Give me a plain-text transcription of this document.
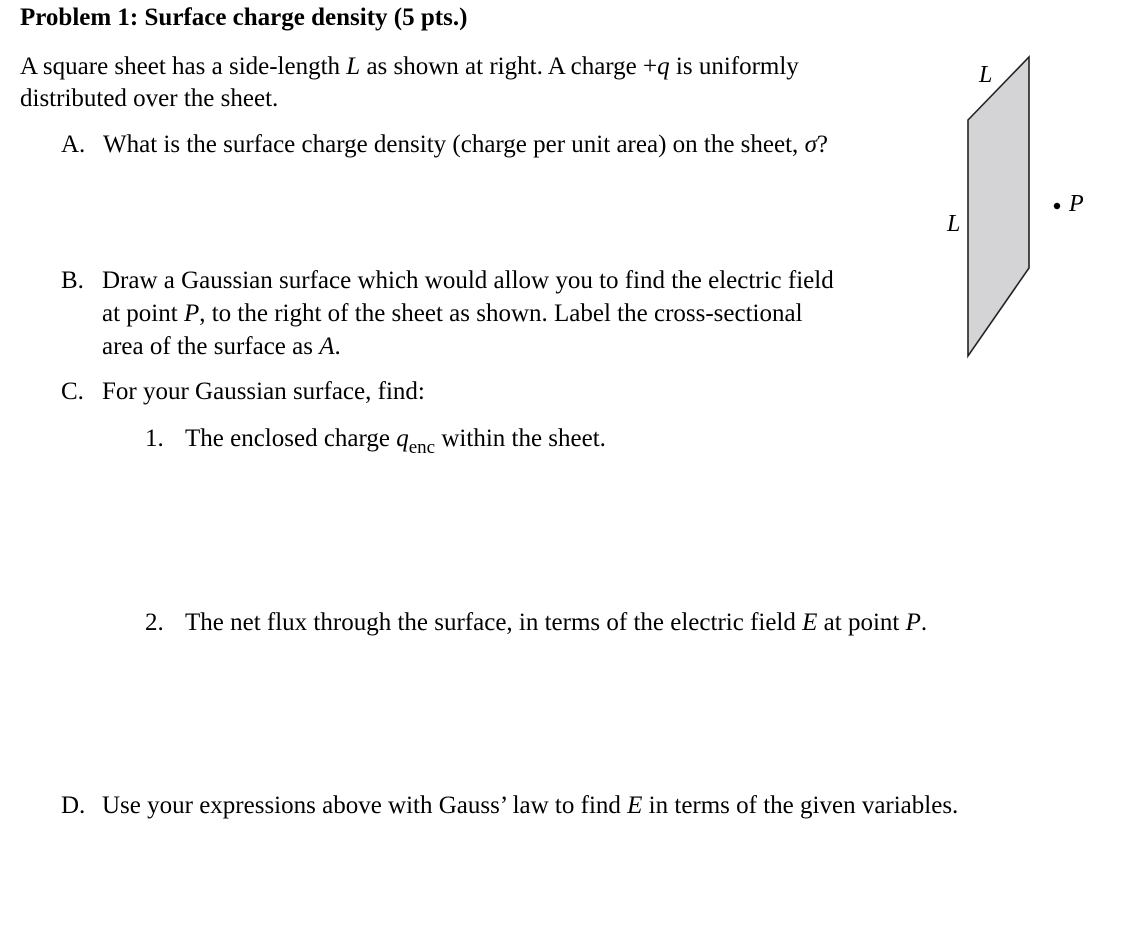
Problem 1: Surface charge density (5 pts.)
A square sheet has a side-length L as shown at right. A charge +q is uniformly
distributed over the sheet.
A. What is the surface charge density (charge per unit area) on the sheet, σ?
B. Draw a Gaussian surface which would allow you to find the electric field
at point P, to the right of the sheet as shown. Label the cross-sectional
area of the surface as A.
C. For your Gaussian surface, find:
1. The enclosed charge $q_{enc}$ within the sheet.
2. The net flux through the surface, in terms of the electric field E at point P.
D. Use your expressions above with Gauss’ law to find E in terms of the given variables.
L
L
P
